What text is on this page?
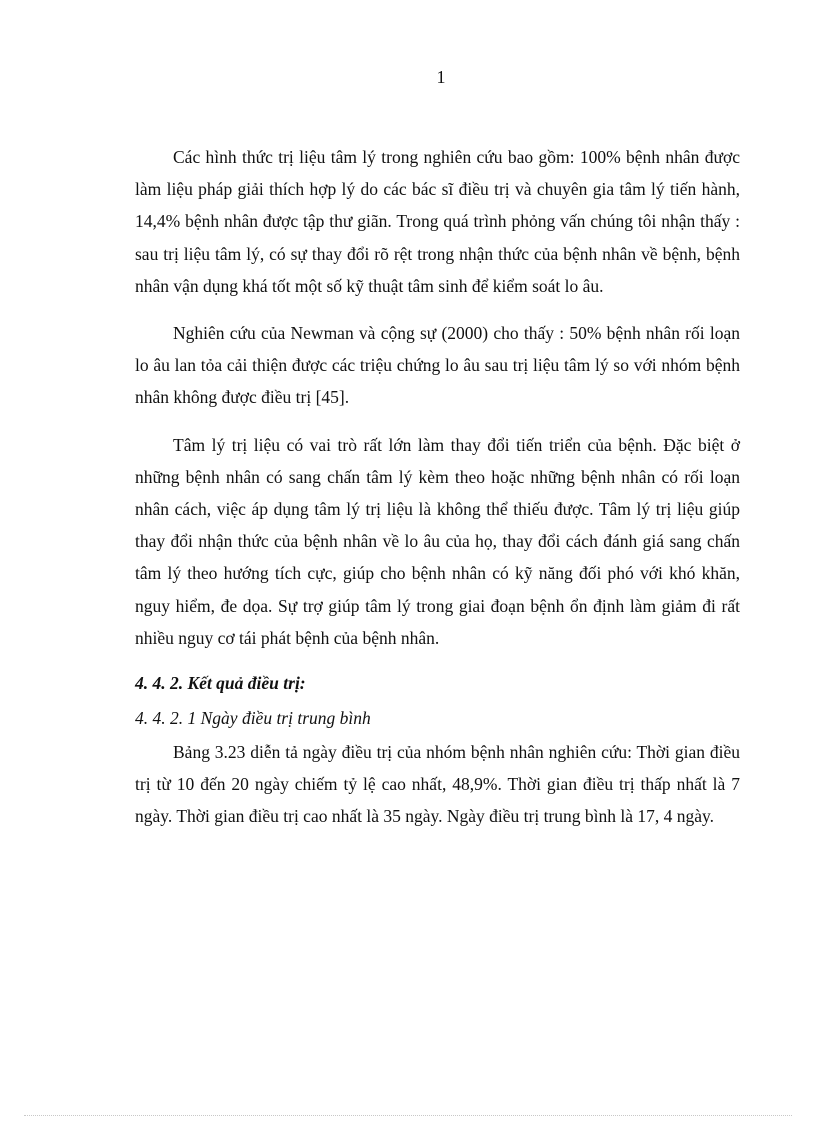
1

Các hình thức trị liệu tâm lý trong nghiên cứu bao gồm: 100% bệnh nhân được làm liệu pháp giải thích hợp lý do các bác sĩ điều trị và chuyên gia tâm lý tiến hành, 14,4% bệnh nhân được tập thư giãn. Trong quá trình phỏng vấn chúng tôi nhận thấy : sau trị liệu tâm lý, có sự thay đổi rõ rệt trong nhận thức của bệnh nhân về bệnh, bệnh nhân vận dụng khá tốt một số kỹ thuật tâm sinh để kiểm soát lo âu.

Nghiên cứu của Newman và cộng sự (2000) cho thấy : 50% bệnh nhân rối loạn lo âu lan tỏa cải thiện được các triệu chứng lo âu sau trị liệu tâm lý so với nhóm bệnh nhân không được điều trị [45].

Tâm lý trị liệu có vai trò rất lớn làm thay đổi tiến triển của bệnh. Đặc biệt ở những bệnh nhân có sang chấn tâm lý kèm theo hoặc những bệnh nhân có rối loạn nhân cách, việc áp dụng tâm lý trị liệu là không thể thiếu được. Tâm lý trị liệu giúp thay đổi nhận thức của bệnh nhân về lo âu của họ, thay đổi cách đánh giá sang chấn tâm lý theo hướng tích cực, giúp cho bệnh nhân có kỹ năng đối phó với khó khăn, nguy hiểm, đe dọa. Sự trợ giúp tâm lý trong giai đoạn bệnh ổn định làm giảm đi rất nhiều nguy cơ tái phát bệnh của bệnh nhân.

4. 4. 2. Kết quả điều trị:
4. 4. 2. 1 Ngày điều trị trung bình

Bảng 3.23 diễn tả ngày điều trị của nhóm bệnh nhân nghiên cứu: Thời gian điều trị từ 10 đến 20 ngày chiếm tỷ lệ cao nhất, 48,9%. Thời gian điều trị thấp nhất là 7 ngày. Thời gian điều trị cao nhất là 35 ngày. Ngày điều trị trung bình là 17, 4 ngày.
